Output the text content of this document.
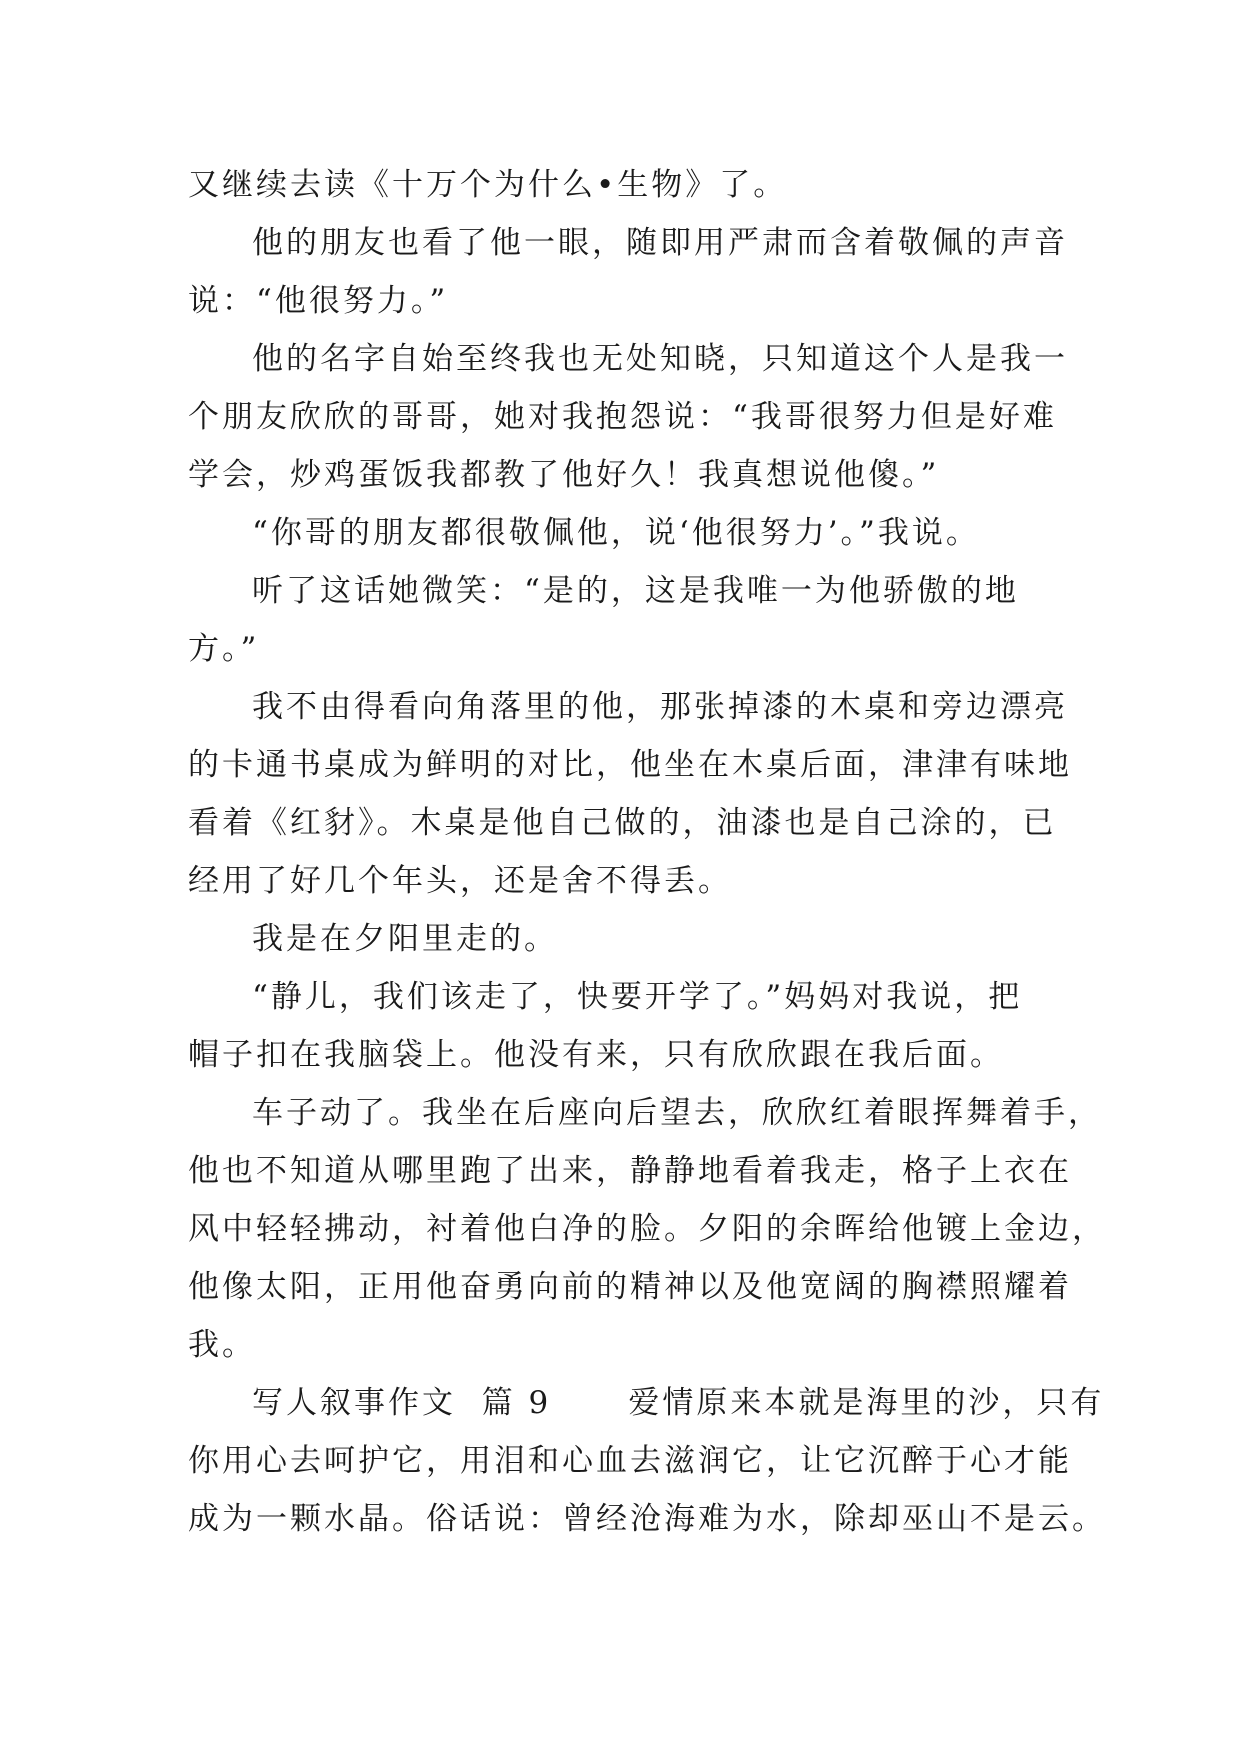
又继续去读《十万个为什么•生物》了。
他的朋友也看了他一眼，随即用严肃而含着敬佩的声音
说：“他很努力。”
他的名字自始至终我也无处知晓，只知道这个人是我一
个朋友欣欣的哥哥，她对我抱怨说：“我哥很努力但是好难
学会，炒鸡蛋饭我都教了他好久！我真想说他傻。”
“你哥的朋友都很敬佩他，说‘他很努力’。”我说。
听了这话她微笑：“是的，这是我唯一为他骄傲的地
方。”
我不由得看向角落里的他，那张掉漆的木桌和旁边漂亮
的卡通书桌成为鲜明的对比，他坐在木桌后面，津津有味地
看着《红豺》。木桌是他自己做的，油漆也是自己涂的，已
经用了好几个年头，还是舍不得丢。
我是在夕阳里走的。
“静儿，我们该走了，快要开学了。”妈妈对我说，把
帽子扣在我脑袋上。他没有来，只有欣欣跟在我后面。
车子动了。我坐在后座向后望去，欣欣红着眼挥舞着手，
他也不知道从哪里跑了出来，静静地看着我走，格子上衣在
风中轻轻拂动，衬着他白净的脸。夕阳的余晖给他镀上金边，
他像太阳，正用他奋勇向前的精神以及他宽阔的胸襟照耀着
我。
写人叙事作文  篇 9      爱情原来本就是海里的沙，只有
你用心去呵护它，用泪和心血去滋润它，让它沉醉于心才能
成为一颗水晶。俗话说：曾经沧海难为水，除却巫山不是云。
